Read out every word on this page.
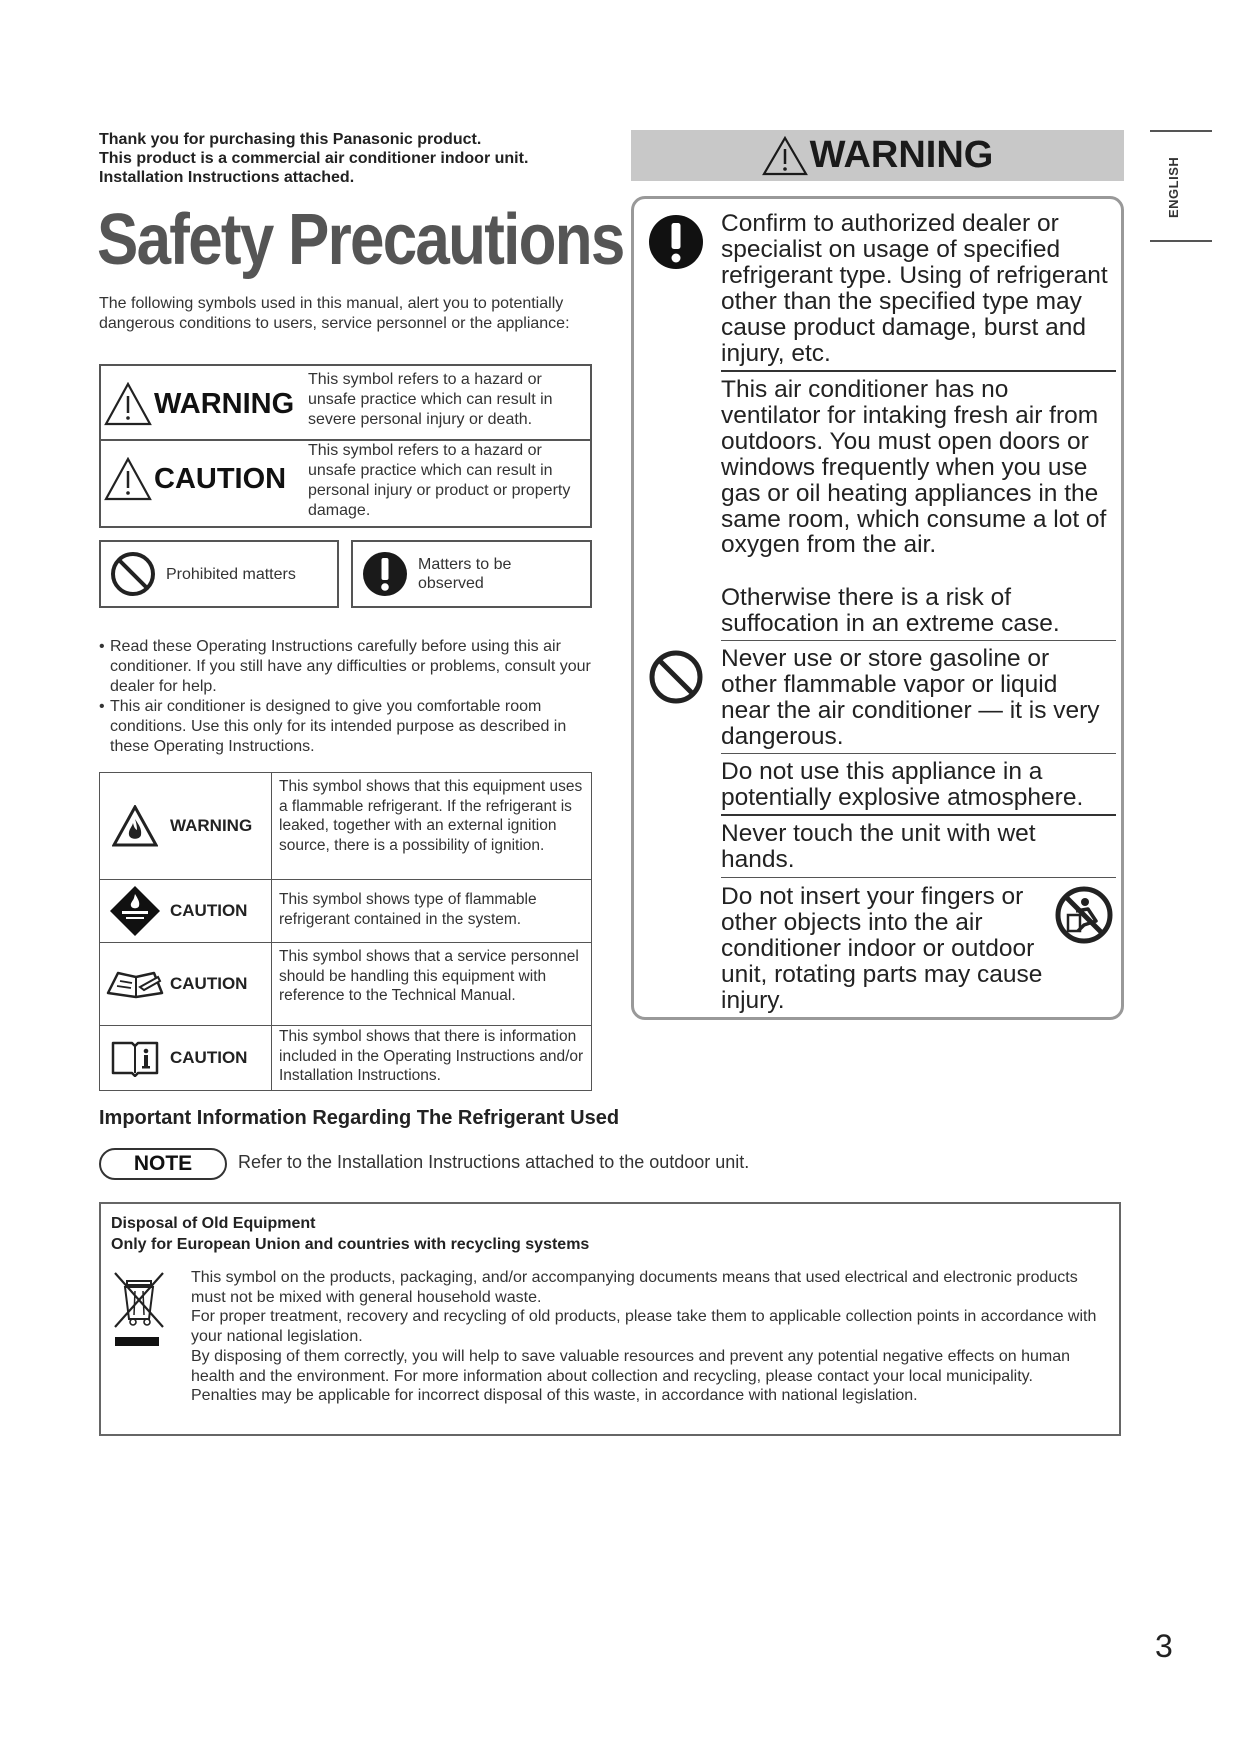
Thank you for purchasing this Panasonic product.
This product is a commercial air conditioner indoor unit.
Installation Instructions attached.
Safety Precautions
The following symbols used in this manual, alert you to potentially dangerous conditions to users, service personnel or the appliance:
WARNING
This symbol refers to a hazard or unsafe practice which can result in severe personal injury or death.
CAUTION
This symbol refers to a hazard or unsafe practice which can result in personal injury or product or property damage.
Prohibited matters
Matters to be observed
• Read these Operating Instructions carefully before using this air conditioner. If you still have any difficulties or problems, consult your dealer for help.
• This air conditioner is designed to give you comfortable room conditions. Use this only for its intended purpose as described in these Operating Instructions.
WARNING
This symbol shows that this equipment uses a flammable refrigerant. If the refrigerant is leaked, together with an external ignition source, there is a possibility of ignition.
CAUTION
This symbol shows type of flammable refrigerant contained in the system.
CAUTION
This symbol shows that a service personnel should be handling this equipment with reference to the Technical Manual.
CAUTION
This symbol shows that there is information included in the Operating Instructions and/or Installation Instructions.
Important Information Regarding The Refrigerant Used
NOTE	Refer to the Installation Instructions attached to the outdoor unit.
Disposal of Old Equipment
Only for European Union and countries with recycling systems
This symbol on the products, packaging, and/or accompanying documents means that used electrical and electronic products must not be mixed with general household waste.
For proper treatment, recovery and recycling of old products, please take them to applicable collection points in accordance with your national legislation.
By disposing of them correctly, you will help to save valuable resources and prevent any potential negative effects on human health and the environment. For more information about collection and recycling, please contact your local municipality.
Penalties may be applicable for incorrect disposal of this waste, in accordance with national legislation.
WARNING
Confirm to authorized dealer or specialist on usage of specified refrigerant type. Using of refrigerant other than the specified type may cause product damage, burst and injury, etc.
This air conditioner has no ventilator for intaking fresh air from outdoors. You must open doors or windows frequently when you use gas or oil heating appliances in the same room, which consume a lot of oxygen from the air.
Otherwise there is a risk of suffocation in an extreme case.
Never use or store gasoline or other flammable vapor or liquid near the air conditioner — it is very dangerous.
Do not use this appliance in a potentially explosive atmosphere.
Never touch the unit with wet hands.
Do not insert your fingers or other objects into the air conditioner indoor or outdoor unit, rotating parts may cause injury.
ENGLISH
3
